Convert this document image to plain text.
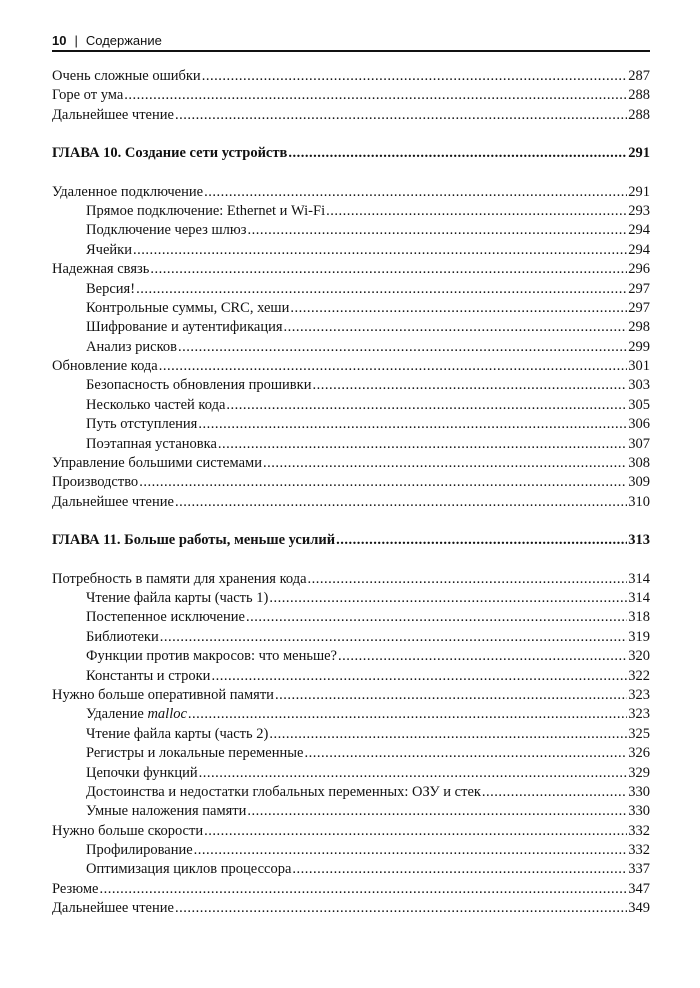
10 | Содержание
Очень сложные ошибки .....	287
Горе от ума .....	288
Дальнейшее чтение .....	288
ГЛАВА 10. Создание сети устройств .....	291
Удаленное подключение .....	291
Прямое подключение: Ethernet и Wi-Fi .....	293
Подключение через шлюз .....	294
Ячейки .....	294
Надежная связь .....	296
Версия! .....	297
Контрольные суммы, CRC, хеши .....	297
Шифрование и аутентификация .....	298
Анализ рисков .....	299
Обновление кода .....	301
Безопасность обновления прошивки .....	303
Несколько частей кода .....	305
Путь отступления .....	306
Поэтапная установка .....	307
Управление большими системами .....	308
Производство .....	309
Дальнейшее чтение .....	310
ГЛАВА 11. Больше работы, меньше усилий .....	313
Потребность в памяти для хранения кода .....	314
Чтение файла карты (часть 1) .....	314
Постепенное исключение .....	318
Библиотеки .....	319
Функции против макросов: что меньше? .....	320
Константы и строки .....	322
Нужно больше оперативной памяти .....	323
Удаление malloc .....	323
Чтение файла карты (часть 2) .....	325
Регистры и локальные переменные .....	326
Цепочки функций .....	329
Достоинства и недостатки глобальных переменных: ОЗУ и стек .....	330
Умные наложения памяти .....	330
Нужно больше скорости .....	332
Профилирование .....	332
Оптимизация циклов процессора .....	337
Резюме .....	347
Дальнейшее чтение .....	349
